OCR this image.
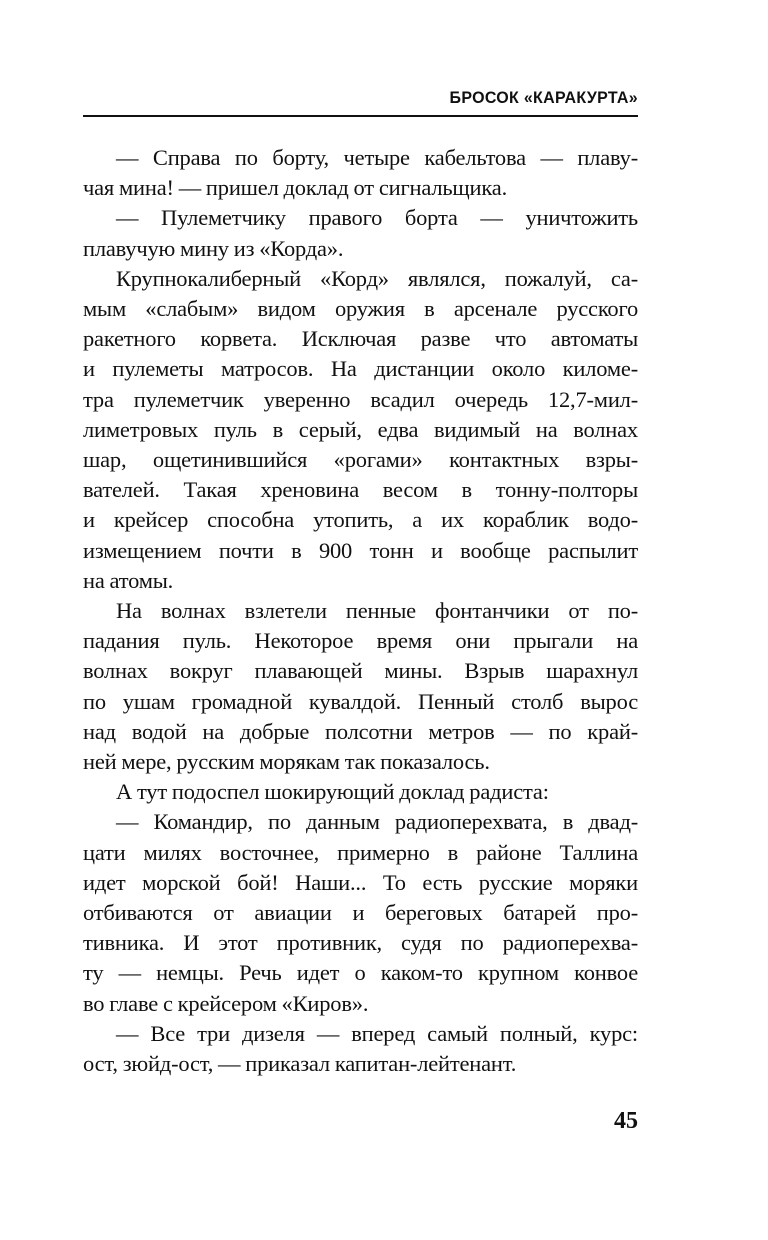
БРОСОК «КАРАКУРТА»
— Справа по борту, четыре кабельтова — плаву-
чая мина! — пришел доклад от сигнальщика.
— Пулеметчику правого борта — уничтожить
плавучую мину из «Корда».
Крупнокалиберный «Корд» являлся, пожалуй, са-
мым «слабым» видом оружия в арсенале русского
ракетного корвета. Исключая разве что автоматы
и пулеметы матросов. На дистанции около киломе-
тра пулеметчик уверенно всадил очередь 12,7-мил-
лиметровых пуль в серый, едва видимый на волнах
шар, ощетинившийся «рогами» контактных взры-
вателей. Такая хреновина весом в тонну-полторы
и крейсер способна утопить, а их кораблик водо-
измещением почти в 900 тонн и вообще распылит
на атомы.
На волнах взлетели пенные фонтанчики от по-
падания пуль. Некоторое время они прыгали на
волнах вокруг плавающей мины. Взрыв шарахнул
по ушам громадной кувалдой. Пенный столб вырос
над водой на добрые полсотни метров — по край-
ней мере, русским морякам так показалось.
А тут подоспел шокирующий доклад радиста:
— Командир, по данным радиоперехвата, в двад-
цати милях восточнее, примерно в районе Таллина
идет морской бой! Наши... То есть русские моряки
отбиваются от авиации и береговых батарей про-
тивника. И этот противник, судя по радиоперехва-
ту — немцы. Речь идет о каком-то крупном конвое
во главе с крейсером «Киров».
— Все три дизеля — вперед самый полный, курс:
ост, зюйд-ост, — приказал капитан-лейтенант.
45
